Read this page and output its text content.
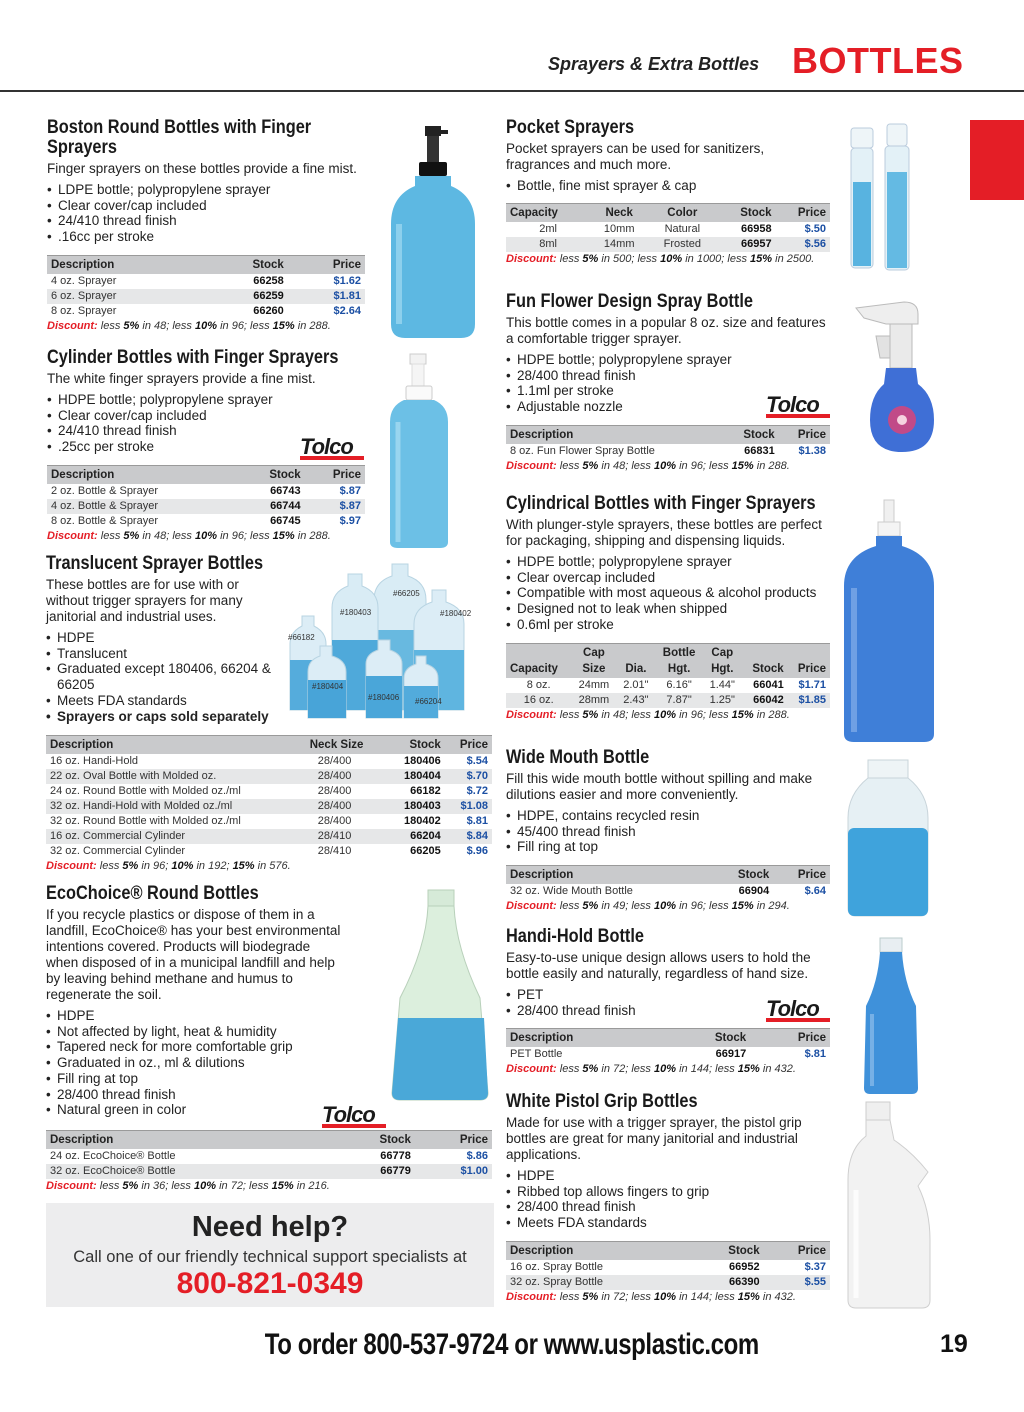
Sprayers & Extra Bottles BOTTLES
Boston Round Bottles with Finger Sprayers
Finger sprayers on these bottles provide a fine mist.
• LDPE bottle; polypropylene sprayer
• Clear cover/cap included
• 24/410 thread finish
• .16cc per stroke
Description	Stock	Price
4 oz. Sprayer	66258	$1.62
6 oz. Sprayer	66259	$1.81
8 oz. Sprayer	66260	$2.64
Discount: less 5% in 48; less 10% in 96; less 15% in 288.
Cylinder Bottles with Finger Sprayers
The white finger sprayers provide a fine mist.
• HDPE bottle; polypropylene sprayer
• Clear cover/cap included
• 24/410 thread finish
• .25cc per stroke
Description	Stock	Price
2 oz. Bottle & Sprayer	66743	$.87
4 oz. Bottle & Sprayer	66744	$.87
8 oz. Bottle & Sprayer	66745	$.97
Discount: less 5% in 48; less 10% in 96; less 15% in 288.
Translucent Sprayer Bottles
These bottles are for use with or without trigger sprayers for many janitorial and industrial uses.
• HDPE
• Translucent
• Graduated except 180406, 66204 & 66205
• Meets FDA standards
• Sprayers or caps sold separately
Description	Neck Size	Stock	Price
16 oz. Handi-Hold	28/400	180406	$.54
22 oz. Oval Bottle with Molded oz.	28/400	180404	$.70
24 oz. Round Bottle with Molded oz./ml	28/400	66182	$.72
32 oz. Handi-Hold with Molded oz./ml	28/400	180403	$1.08
32 oz. Round Bottle with Molded oz./ml	28/400	180402	$.81
16 oz. Commercial Cylinder	28/410	66204	$.84
32 oz. Commercial Cylinder	28/410	66205	$.96
Discount: less 5% in 96; 10% in 192; 15% in 576.
EcoChoice® Round Bottles
If you recycle plastics or dispose of them in a landfill, EcoChoice® has your best environmental intentions covered. Products will biodegrade when disposed of in a municipal landfill and help by leaving behind methane and humus to regenerate the soil.
• HDPE
• Not affected by light, heat & humidity
• Tapered neck for more comfortable grip
• Graduated in oz., ml & dilutions
• Fill ring at top
• 28/400 thread finish
• Natural green in color
Description	Stock	Price
24 oz. EcoChoice® Bottle	66778	$.86
32 oz. EcoChoice® Bottle	66779	$1.00
Discount: less 5% in 36; less 10% in 72; less 15% in 216.
Need help?
Call one of our friendly technical support specialists at
800-821-0349
Pocket Sprayers
Pocket sprayers can be used for sanitizers, fragrances and much more.
• Bottle, fine mist sprayer & cap
Capacity	Neck	Color	Stock	Price
2ml	10mm	Natural	66958	$.50
8ml	14mm	Frosted	66957	$.56
Discount: less 5% in 500; less 10% in 1000; less 15% in 2500.
Fun Flower Design Spray Bottle
This bottle comes in a popular 8 oz. size and features a comfortable trigger sprayer.
• HDPE bottle; polypropylene sprayer
• 28/400 thread finish
• 1.1ml per stroke
• Adjustable nozzle
Description	Stock	Price
8 oz. Fun Flower Spray Bottle	66831	$1.38
Discount: less 5% in 48; less 10% in 96; less 15% in 288.
Cylindrical Bottles with Finger Sprayers
With plunger-style sprayers, these bottles are perfect for packaging, shipping and dispensing liquids.
• HDPE bottle; polypropylene sprayer
• Clear overcap included
• Compatible with most aqueous & alcohol products
• Designed not to leak when shipped
• 0.6ml per stroke
	Cap		Bottle	Cap		
Capacity	Size	Dia.	Hgt.	Hgt.	Stock	Price
8 oz.	24mm	2.01"	6.16"	1.44"	66041	$1.71
16 oz.	28mm	2.43"	7.87"	1.25"	66042	$1.85
Discount: less 5% in 48; less 10% in 96; less 15% in 288.
Wide Mouth Bottle
Fill this wide mouth bottle without spilling and make dilutions easier and more conveniently.
• HDPE, contains recycled resin
• 45/400 thread finish
• Fill ring at top
Description	Stock	Price
32 oz. Wide Mouth Bottle	66904	$.64
Discount: less 5% in 49; less 10% in 96; less 15% in 294.
Handi-Hold Bottle
Easy-to-use unique design allows users to hold the bottle easily and naturally, regardless of hand size.
• PET
• 28/400 thread finish
Description	Stock	Price
PET Bottle	66917	$.81
Discount: less 5% in 72; less 10% in 144; less 15% in 432.
White Pistol Grip Bottles
Made for use with a trigger sprayer, the pistol grip bottles are great for many janitorial and industrial applications.
• HDPE
• Ribbed top allows fingers to grip
• 28/400 thread finish
• Meets FDA standards
Description	Stock	Price
16 oz. Spray Bottle	66952	$.37
32 oz. Spray Bottle	66390	$.55
Discount: less 5% in 72; less 10% in 144; less 15% in 432.
Tolco
Tolco
Tolco
Tolco
#66205
#180403	#180402
#66182
#180404
#180406 #66204
To order 800-537-9724 or www.usplastic.com	19
